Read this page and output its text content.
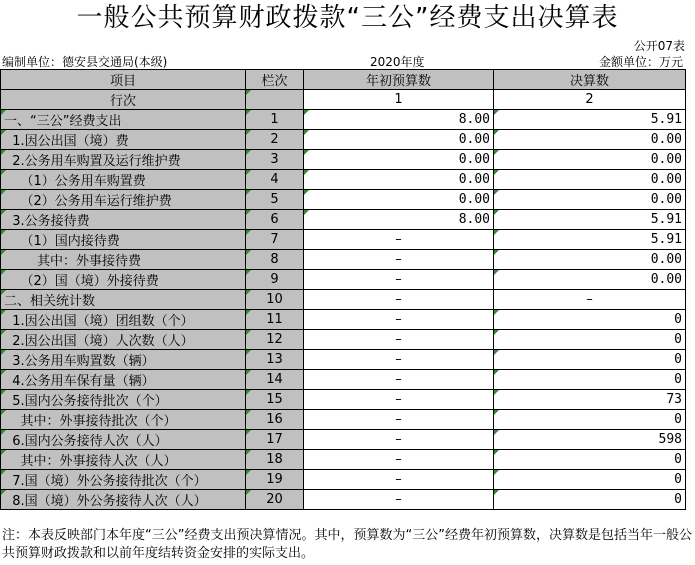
一般公共预算财政拨款“三公”经费支出决算表
公开07表
编制单位：德安县交通局(本级)	2020年度	金额单位：万元
项目	栏次	年初预算数	决算数
行次		1	2
一、“三公”经费支出	1	8.00	5.91
1.因公出国（境）费	2	0.00	0.00
2.公务用车购置及运行维护费	3	0.00	0.00
（1）公务用车购置费	4	0.00	0.00
（2）公务用车运行维护费	5	0.00	0.00
3.公务接待费	6	8.00	5.91
（1）国内接待费	7	–	5.91
其中：外事接待费	8	–	0.00
（2）国（境）外接待费	9	–	0.00
二、相关统计数	10	–	–
1.因公出国（境）团组数（个）	11	–	0
2.因公出国（境）人次数（人）	12	–	0
3.公务用车购置数（辆）	13	–	0
4.公务用车保有量（辆）	14	–	0
5.国内公务接待批次（个）	15	–	73
其中：外事接待批次（个）	16	–	0
6.国内公务接待人次（人）	17	–	598
其中：外事接待人次（人）	18	–	0
7.国（境）外公务接待批次（个）	19	–	0
8.国（境）外公务接待人次（人）	20	–	0
注：本表反映部门本年度“三公”经费支出预决算情况。其中，预算数为“三公”经费年初预算数，决算数是包括当年一般公共预算财政拨款和以前年度结转资金安排的实际支出。
